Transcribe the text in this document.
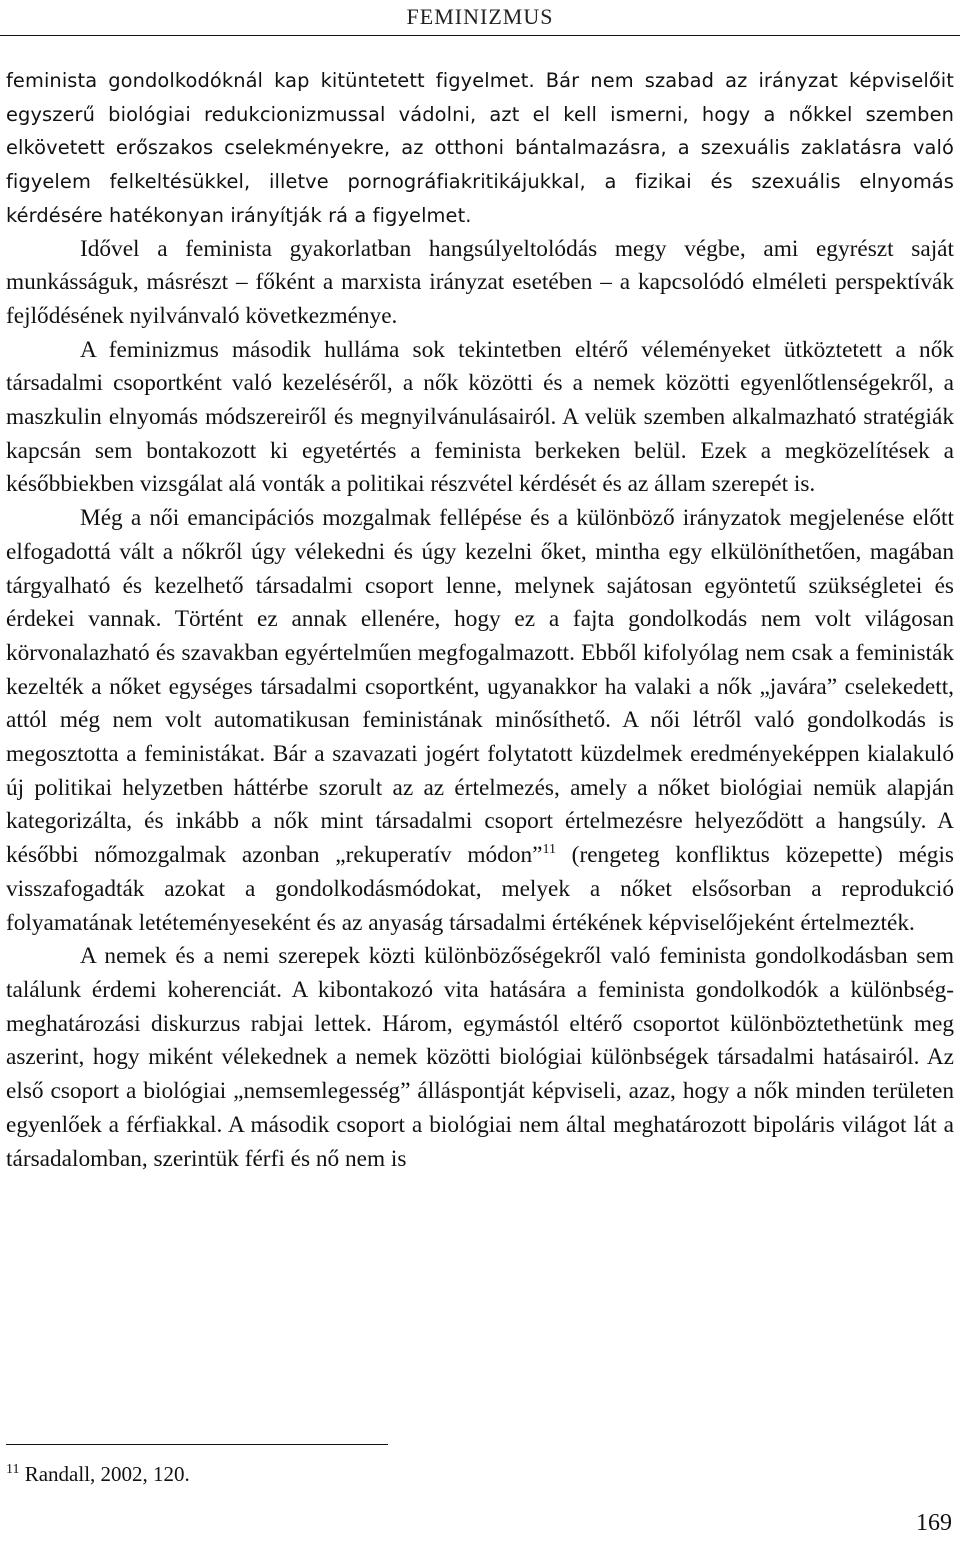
FEMINIZMUS

feminista gondolkodóknál kap kitüntetett figyelmet. Bár nem szabad az irányzat képviselőit egyszerű biológiai redukcionizmussal vádolni, azt el kell ismerni, hogy a nőkkel szemben elkövetett erőszakos cselekményekre, az otthoni bántalmazásra, a szexuális zaklatásra való figyelem felkeltésükkel, illetve pornográfiakritikájukkal, a fizikai és szexuális elnyomás kérdésére hatékonyan irányítják rá a figyelmet.

Idővel a feminista gyakorlatban hangsúlyeltolódás megy végbe, ami egyrészt saját munkásságuk, másrészt – főként a marxista irányzat esetében – a kapcsolódó elméleti perspektívák fejlődésének nyilvánvaló következménye.

A feminizmus második hulláma sok tekintetben eltérő véleményeket ütköztetett a nők társadalmi csoportként való kezeléséről, a nők közötti és a nemek közötti egyenlőtlenségekről, a maszkulin elnyomás módszereiről és megnyilvánulásairól. A velük szemben alkalmazható stratégiák kapcsán sem bontakozott ki egyetértés a feminista berkeken belül. Ezek a megközelítések a későbbiekben vizsgálat alá vonták a politikai részvétel kérdését és az állam szerepét is.

Még a női emancipációs mozgalmak fellépése és a különböző irányzatok megjelenése előtt elfogadottá vált a nőkről úgy vélekedni és úgy kezelni őket, mintha egy elkülöníthetően, magában tárgyalható és kezelhető társadalmi csoport lenne, melynek sajátosan egyöntetű szükségletei és érdekei vannak. Történt ez annak ellenére, hogy ez a fajta gondolkodás nem volt világosan körvonalazható és szavakban egyértelműen megfogalmazott. Ebből kifolyólag nem csak a feministák kezelték a nőket egységes társadalmi csoportként, ugyanakkor ha valaki a nők „javára” cselekedett, attól még nem volt automatikusan feministának minősíthető. A női létről való gondolkodás is megosztotta a feministákat. Bár a szavazati jogért folytatott küzdelmek eredményeképpen kialakuló új politikai helyzetben háttérbe szorult az az értelmezés, amely a nőket biológiai nemük alapján kategorizálta, és inkább a nők mint társadalmi csoport értelmezésre helyeződött a hangsúly. A későbbi nőmozgalmak azonban „rekuperatív módon”$^{11}$ (rengeteg konfliktus közepette) mégis visszafogadták azokat a gondolkodásmódokat, melyek a nőket elsősorban a reprodukció folyamatának letéteményeseként és az anyaság társadalmi értékének képviselőjeként értelmezték.

A nemek és a nemi szerepek közti különbözőségekről való feminista gondolkodásban sem találunk érdemi koherenciát. A kibontakozó vita hatására a feminista gondolkodók a különbség-meghatározási diskurzus rabjai lettek. Három, egymástól eltérő csoportot különböztethetünk meg aszerint, hogy miként vélekednek a nemek közötti biológiai különbségek társadalmi hatásairól. Az első csoport a biológiai „nemsemlegesség” álláspontját képviseli, azaz, hogy a nők minden területen egyenlőek a férfiakkal. A második csoport a biológiai nem által meghatározott bipoláris világot lát a társadalomban, szerintük férfi és nő nem is

$^{11}$ Randall, 2002, 120.
169
